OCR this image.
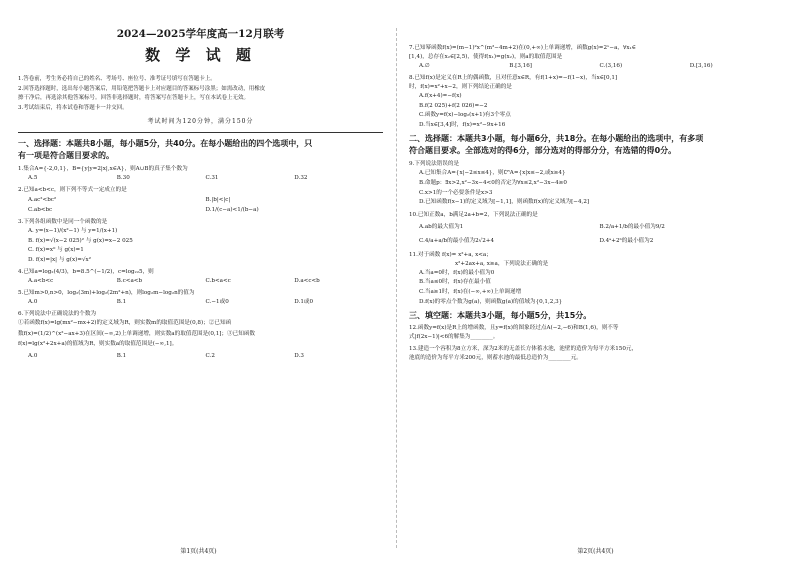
2024—2025学年度高一12月联考
数 学 试 题
1.答卷前，考生务必将自己的姓名、考场号、座位号、准考证号填写在答题卡上。
2.回答选择题时，选出每小题答案后，用铅笔把答题卡上对应题目的答案标号涂黑；如需改动，用橡皮
擦干净后，再选涂其他答案标号。回答非选择题时，将答案写在答题卡上，写在本试卷上无效。
3.考试结束后，将本试卷和答题卡一并交回。
考试时间为120分钟，满分150分
一、选择题：本题共8小题，每小题5分，共40分。在每小题给出的四个选项中，只
有一项是符合题目要求的。
1.集合A={-2,0,1}，B={y|y=2|x|,x∈A}，则A∪B的真子集个数为
A.5	B.30	C.31	D.32
2.已知a<b<c，则下列不等式一定成立的是
A.ac²<bc²	B.|b|<|c|
C.ab<bc	D.1/(c−a)<1/(b−a)
3.下列各组函数中是同一个函数的是
A. y=(x−1)/(x²−1) 与 y=1/(x+1)
B. f(x)=√(x−2 025)² 与 g(x)=x−2 025
C. f(x)=x⁰ 与 g(x)=1
D. f(x)=|x| 与 g(x)=√x²
4.已知a=log₂(4/3)，b=8.5^(−1/2)，c=log₂₂5，则
A.a<b<c	B.c<a<b	C.b<a<c	D.a<c<b
5.已知m>0,n>0，log₂(3m)+log₂(2m²+n)，则log₂m−log₂n的值为
A.0	B.1	C.−1或0	D.1或0
6.下列说法中正确说法的个数为
①若函数f(x)=lg(mx²−mx+2)的定义域为R，则实数m的取值范围是(0,8)；②已知函
数f(x)=(1/2)^(x²−ax+3)在区间(−∞,2)上单调递增，则实数a的取值范围是(0,1]；③已知函数
f(x)=lg(x²+2x+a)的值域为R，则实数a的取值范围是(−∞,1]。
A.0	B.1	C.2	D.3
第1页(共4页)
7.已知幂函数f(x)=(m−1)²x^(m²−4m+2)在(0,+∞)上单调递增，函数g(x)=2ˣ−a，∀x₁∈
[1,4)，总存在x₂∈[2,5)，使得f(x₁)=g(x₂)，则a的取值范围是
A.∅	B.[3,16]	C.(3,16)	D.[3,16)
8.已知f(x)是定义在R上的偶函数，且对任意x∈R，有f(1+x)=−f(1−x)，当x∈[0,1]
时，f(x)=x²+x−2，则下列结论正确的是
A.f(x+4)=−f(x)
B.f(2 025)+f(2 026)=−2
C.函数y=f(x)−log₂(x+1)有3个零点
D.当x∈[3,4]时，f(x)=x²−9x+16
二、选择题：本题共3小题，每小题6分，共18分。在每小题给出的选项中，有多项
符合题目要求。全部选对的得6分，部分选对的得部分分，有选错的得0分。
9.下列说法错误的是
A.已知集合A={x|−2≤x≤4}，则∁ᴿA={x|x≤−2,或x≥4}
B.命题p：∃x>2,x²−3x−4<0的否定为∀x≤2,x²−3x−4≥0
C.x>1的一个必要条件是x>3
D.已知函数f(x−1)的定义域为[−1,1]，则函数f(x)的定义域为[−4,2]
10.已知正数a，b满足2a+b=2，下列说法正确的是
A.ab的最大值为1	B.2/a+1/b的最小值为9/2
C.4/a+a/b的最小值为2√2+4	D.4ᵃ+2ᵇ的最小值为2
11.对于函数 f(x)= x²+a, x<a；
x²+2ax+a, x≥a，下列说法正确的是
A.当a=0时，f(x)的最小值为0
B.当a≤0时，f(x)存在最小值
C.当a≥1时，f(x)在(−∞,+∞)上单调递增
D.f(x)的零点个数为g(a)，则函数g(a)的值域为{0,1,2,3}
三、填空题：本题共3小题，每小题5分，共15分。
12.函数y=f(x)是R上的增函数，且y=f(x)的图象经过点A(−2,−6)和B(1,6)，则不等
式|f(2x−1)|<6的解集为________。
13.建造一个容积为8立方米，深为2米的无盖长方体蓄水池，池壁的造价为每平方米150元，
池底的造价为每平方米200元，则蓄水池的最低总造价为________元。
第2页(共4页)
